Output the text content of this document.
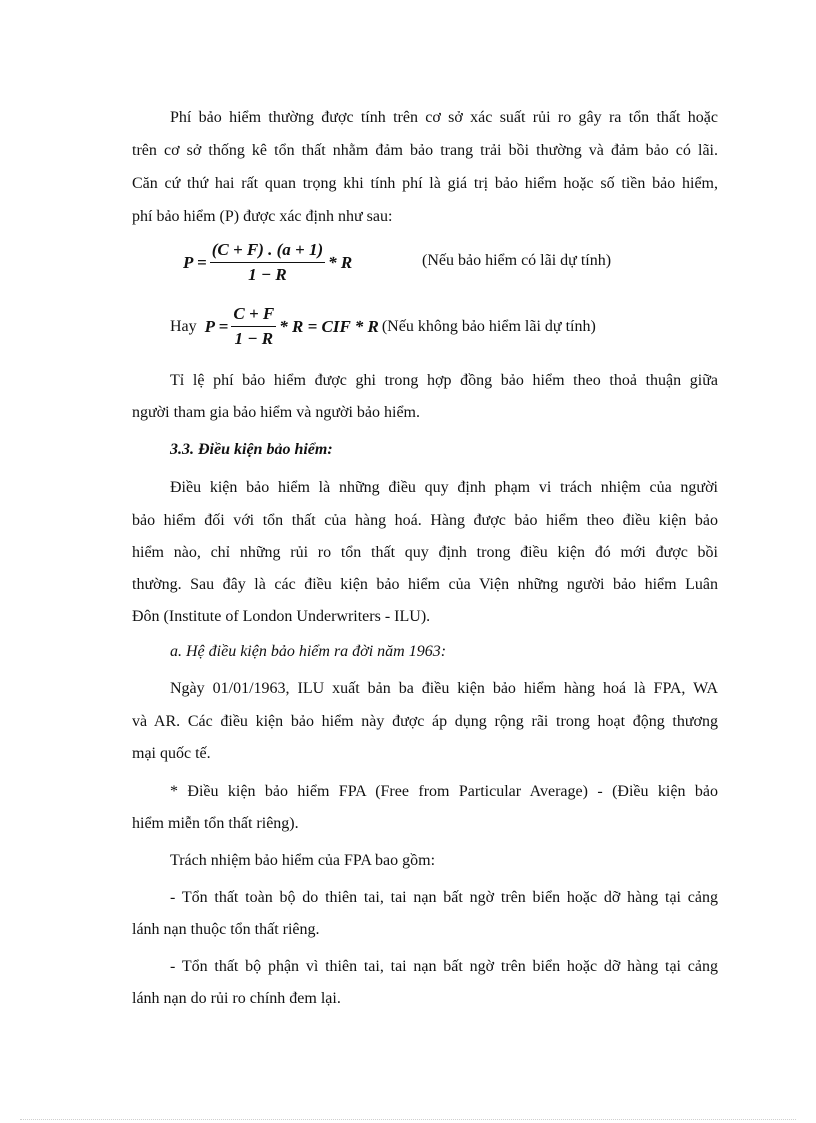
Phí bảo hiểm thường được tính trên cơ sở xác suất rủi ro gây ra tổn thất hoặc
trên cơ sở thống kê tổn thất nhằm đảm bảo trang trải bồi thường và đảm bảo có lãi.
Căn cứ thứ hai rất quan trọng khi tính phí là giá trị bảo hiểm hoặc số tiền bảo hiểm,
phí bảo hiểm (P) được xác định như sau:
$P = \frac{(C + F) . (a + 1)}{1 - R} * R$	(Nếu bảo hiểm có lãi dự tính)
Hay $P = \frac{C + F}{1 - R} * R$ = CIF * R (Nếu không bảo hiểm lãi dự tính)
Tỉ lệ phí bảo hiểm được ghi trong hợp đồng bảo hiểm theo thoả thuận giữa
người tham gia bảo hiểm và người bảo hiểm.
3.3. Điều kiện bảo hiểm:
Điều kiện bảo hiểm là những điều quy định phạm vi trách nhiệm của người
bảo hiểm đối với tổn thất của hàng hoá. Hàng được bảo hiểm theo điều kiện bảo
hiểm nào, chỉ những rủi ro tổn thất quy định trong điều kiện đó mới được bồi
thường. Sau đây là các điều kiện bảo hiểm của Viện những người bảo hiểm Luân
Đôn (Institute of London Underwriters - ILU).
a. Hệ điều kiện bảo hiểm ra đời năm 1963:
Ngày 01/01/1963, ILU xuất bản ba điều kiện bảo hiểm hàng hoá là FPA, WA
và AR. Các điều kiện bảo hiểm này được áp dụng rộng rãi trong hoạt động thương
mại quốc tế.
* Điều kiện bảo hiểm FPA (Free from Particular Average) - (Điều kiện bảo
hiểm miễn tổn thất riêng).
Trách nhiệm bảo hiểm của FPA bao gồm:
- Tổn thất toàn bộ do thiên tai, tai nạn bất ngờ trên biển hoặc dỡ hàng tại cảng
lánh nạn thuộc tổn thất riêng.
- Tổn thất bộ phận vì thiên tai, tai nạn bất ngờ trên biển hoặc dỡ hàng tại cảng
lánh nạn do rủi ro chính đem lại.
